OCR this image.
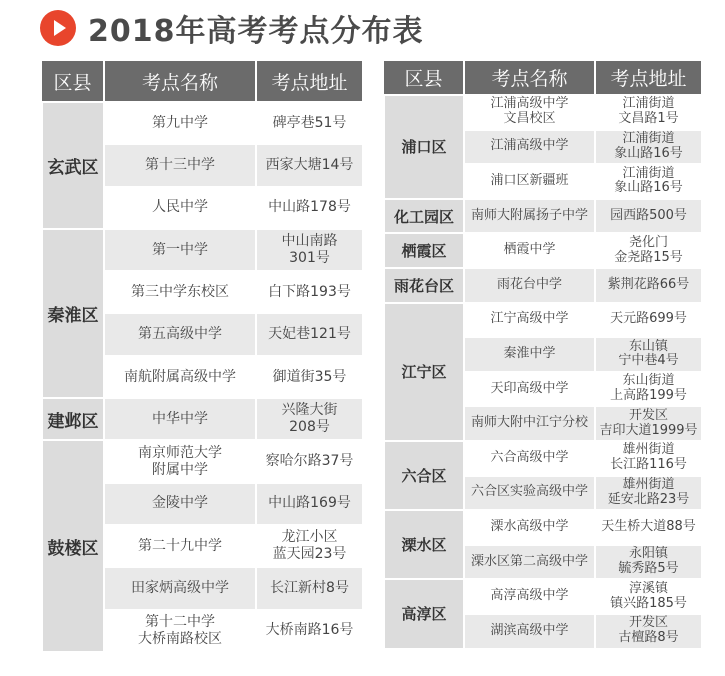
2018年高考考点分布表
区县	考点名称	考点地址
玄武区	第九中学	碑亭巷51号

	第十三中学	西家大塘14号

	人民中学	中山路178号

秦淮区	第一中学	中山南路
301号

	第三中学东校区	白下路193号

	第五高级中学	天妃巷121号

	南航附属高级中学	御道街35号

建邺区	中华中学	兴隆大街
208号

鼓楼区	南京师范大学
附属中学	察哈尔路37号

	金陵中学	中山路169号

	第二十九中学	龙江小区
蓝天园23号

	田家炳高级中学	长江新村8号

	第十二中学
大桥南路校区	大桥南路16号
区县	考点名称	考点地址
浦口区	江浦高级中学
文昌校区	江浦街道
文昌路1号

	江浦高级中学	江浦街道
象山路16号

	浦口区新疆班	江浦街道
象山路16号

化工园区	南师大附属扬子中学	园西路500号

栖霞区	栖霞中学	尧化门
金尧路15号

雨花台区	雨花台中学	紫荆花路66号

江宁区	江宁高级中学	天元路699号

	秦淮中学	东山镇
宁中巷4号

	天印高级中学	东山街道
上高路199号

	南师大附中江宁分校	开发区
吉印大道1999号

六合区	六合高级中学	雄州街道
长江路116号

	六合区实验高级中学	雄州街道
延安北路23号

溧水区	溧水高级中学	天生桥大道88号

	溧水区第二高级中学	永阳镇
毓秀路5号

高淳区	高淳高级中学	淳溪镇
镇兴路185号

	湖滨高级中学	开发区
古檀路8号
